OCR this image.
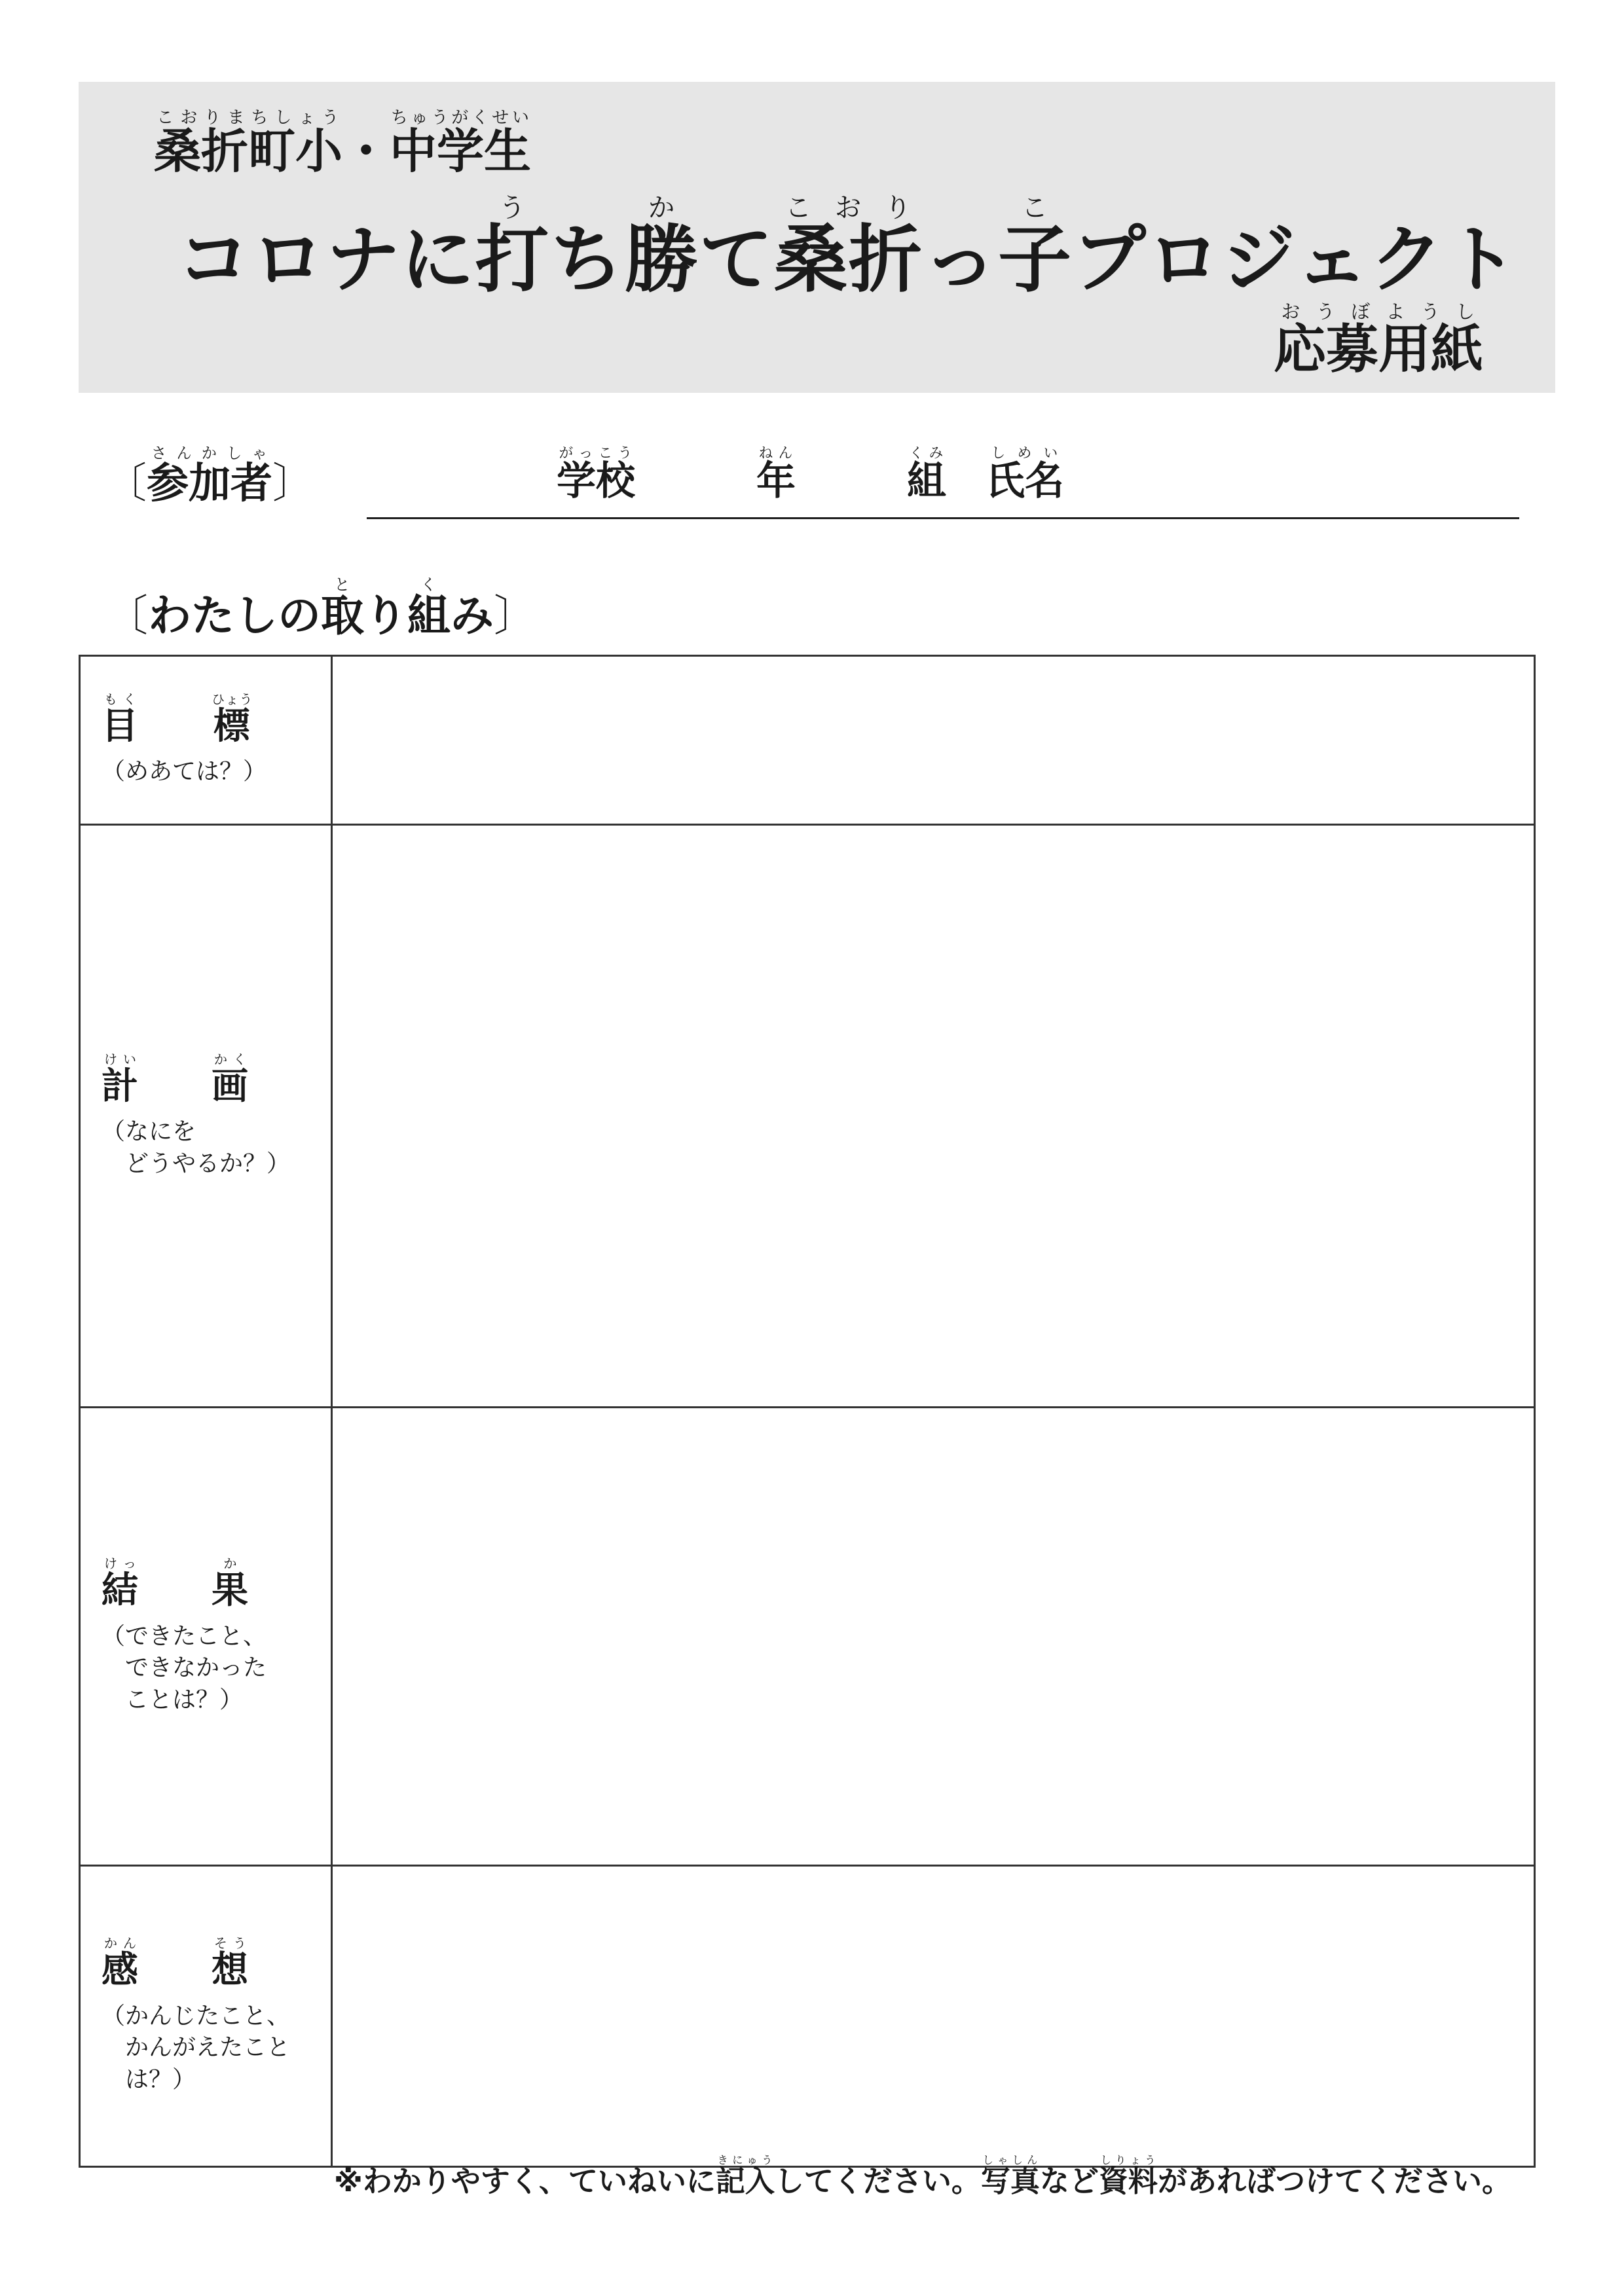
桑折町小こおりまちしょう・中学生ちゅうがくせい
コロナに打うち勝かて桑折こおりっ子こプロジェクト
応募用紙おうぼようし
〔参加者さんかしゃ〕	学校がっこう
年ねん
組くみ
氏名しめい
〔わたしの取とり組くみ〕
目もく標ひょう
（めあては？）	

計けい画かく
（なにを
　どうやるか？）	

結けっ果か
（できたこと、
　できなかった
　ことは？）	

感かん想そう
（かんじたこと、
　かんがえたこと
　は？）	

※わかりやすく、ていねいに記入きにゅうしてください。写真しゃしんなど資料しりょうがあればつけてください。
